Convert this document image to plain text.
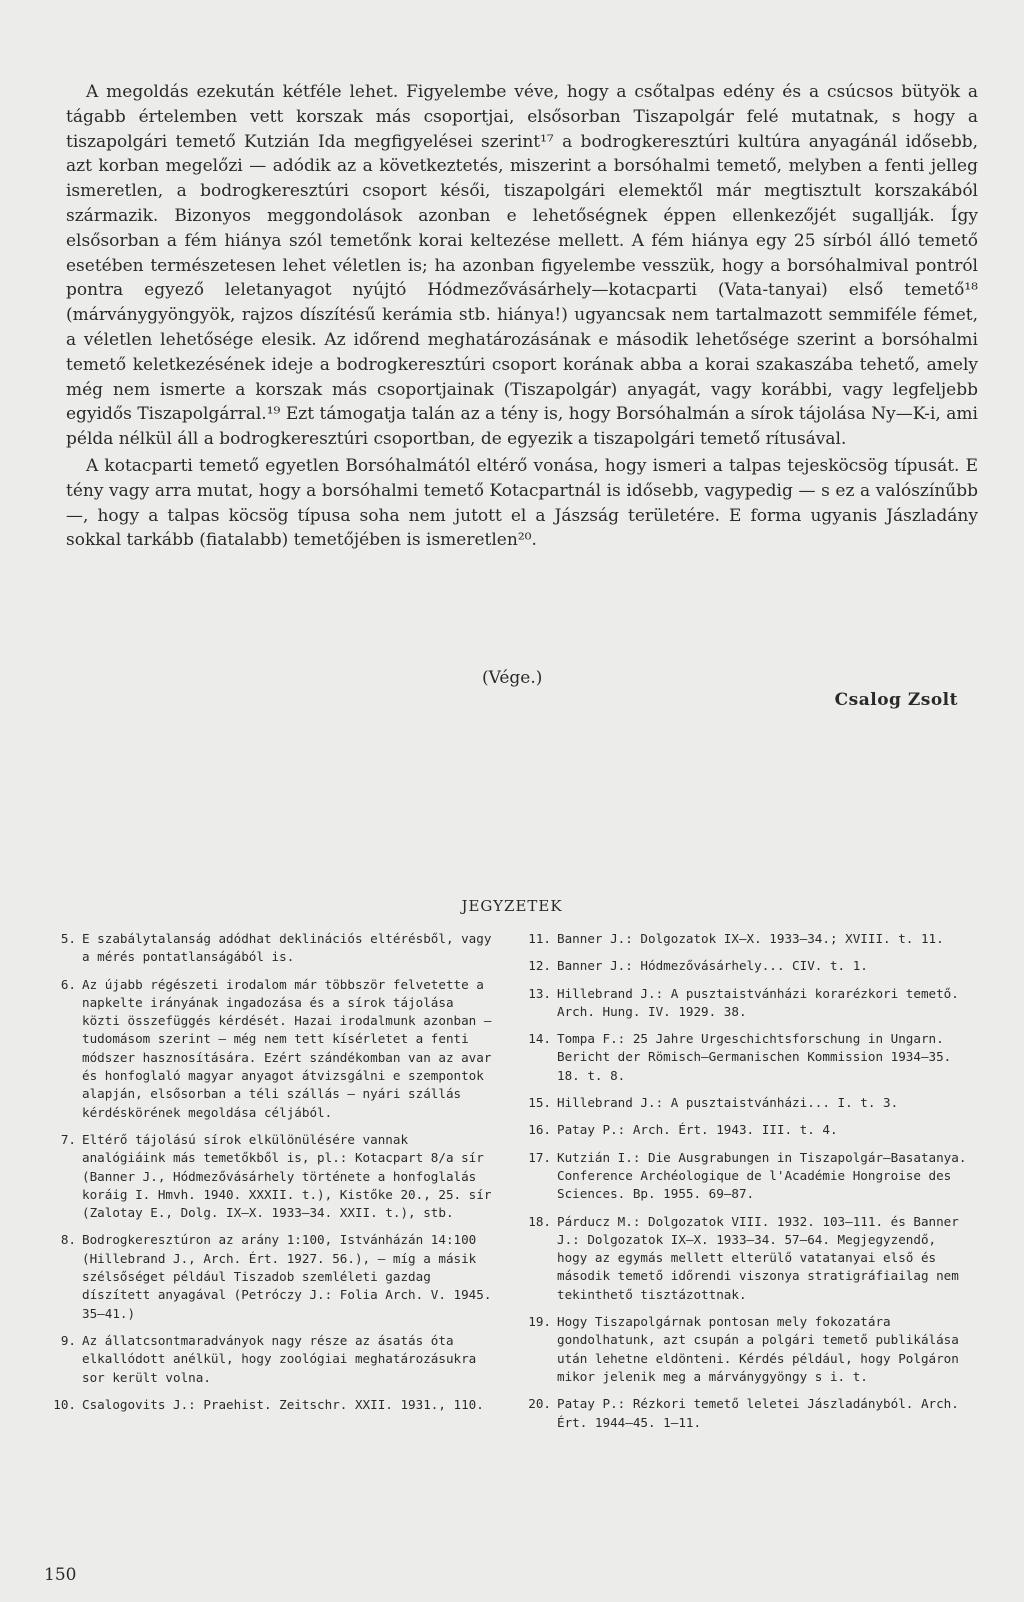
A megoldás ezekután kétféle lehet. Figyelembe véve, hogy a csőtalpas edény és a csúcsos bütyök a tágabb értelemben vett korszak más csoportjai, elsősorban Tiszapolgár felé mutatnak, s hogy a tiszapolgári temető Kutzián Ida megfigyelései szerint¹⁷ a bodrogkeresztúri kultúra anyagánál idősebb, azt korban megelőzi — adódik az a következtetés, miszerint a borsóhalmi temető, melyben a fenti jelleg ismeretlen, a bodrogkeresztúri csoport késői, tiszapolgári elemektől már megtisztult korszakából származik. Bizonyos meggondolások azonban e lehetőségnek éppen ellenkezőjét sugallják. Így elsősorban a fém hiánya szól temetőnk korai keltezése mellett. A fém hiánya egy 25 sírból álló temető esetében természetesen lehet véletlen is; ha azonban figyelembe vesszük, hogy a borsóhalmival pontról pontra egyező leletanyagot nyújtó Hódmezővásárhely—kotacparti (Vata-tanyai) első temető¹⁸ (márványgyöngyök, rajzos díszítésű kerámia stb. hiánya!) ugyancsak nem tartalmazott semmiféle fémet, a véletlen lehetősége elesik. Az időrend meghatározásának e második lehetősége szerint a borsóhalmi temető keletkezésének ideje a bodrogkeresztúri csoport korának abba a korai szakaszába tehető, amely még nem ismerte a korszak más csoportjainak (Tiszapolgár) anyagát, vagy korábbi, vagy legfeljebb egyidős Tiszapolgárral.¹⁹ Ezt támogatja talán az a tény is, hogy Borsóhalmán a sírok tájolása Ny—K-i, ami példa nélkül áll a bodrogkeresztúri csoportban, de egyezik a tiszapolgári temető rítusával.

A kotacparti temető egyetlen Borsóhalmától eltérő vonása, hogy ismeri a talpas tejesköcsög típusát. E tény vagy arra mutat, hogy a borsóhalmi temető Kotacpartnál is idősebb, vagypedig — s ez a valószínűbb —, hogy a talpas köcsög típusa soha nem jutott el a Jászság területére. E forma ugyanis Jászladány sokkal tarkább (fiatalabb) temetőjében is ismeretlen²⁰.

(Vége.)
Csalog Zsolt
JEGYZETEK
5. E szabálytalanság adódhat deklinációs eltérésből, vagy a mérés pontatlanságából is.
6. Az újabb régészeti irodalom már többször felvetette a napkelte irányának ingadozása és a sírok tájolása közti összefüggés kérdését. Hazai irodalmunk azonban — tudomásom szerint — még nem tett kísérletet a fenti módszer hasznosítására. Ezért szándékomban van az avar és honfoglaló magyar anyagot átvizsgálni e szempontok alapján, elsősorban a téli szállás — nyári szállás kérdéskörének megoldása céljából.
7. Eltérő tájolású sírok elkülönülésére vannak analógiáink más temetőkből is, pl.: Kotacpart 8/a sír (Banner J., Hódmezővásárhely története a honfoglalás koráig I. Hmvh. 1940. XXXII. t.), Kistőke 20., 25. sír (Zalotay E., Dolg. IX—X. 1933—34. XXII. t.), stb.
8. Bodrogkeresztúron az arány 1:100, Istvánházán 14:100 (Hillebrand J., Arch. Ért. 1927. 56.), — míg a másik szélsőséget például Tiszadob szemléleti gazdag díszített anyagával (Petróczy J.: Folia Arch. V. 1945. 35—41.)
9. Az állatcsontmaradványok nagy része az ásatás óta elkallódott anélkül, hogy zoológiai meghatározásukra sor került volna.
10. Csalogovits J.: Praehist. Zeitschr. XXII. 1931., 110.
11. Banner J.: Dolgozatok IX—X. 1933—34.; XVIII. t. 11.
12. Banner J.: Hódmezővásárhely... CIV. t. 1.
13. Hillebrand J.: A pusztaistvánházi korarézkori temető. Arch. Hung. IV. 1929. 38.
14. Tompa F.: 25 Jahre Urgeschichtsforschung in Ungarn. Bericht der Römisch—Germanischen Kommission 1934—35. 18. t. 8.
15. Hillebrand J.: A pusztaistvánházi... I. t. 3.
16. Patay P.: Arch. Ért. 1943. III. t. 4.
17. Kutzián I.: Die Ausgrabungen in Tiszapolgár—Basatanya. Conference Archéologique de l'Académie Hongroise des Sciences. Bp. 1955. 69—87.
18. Párducz M.: Dolgozatok VIII. 1932. 103—111. és Banner J.: Dolgozatok IX—X. 1933—34. 57—64. Megjegyzendő, hogy az egymás mellett elterülő vatatanyai első és második temető időrendi viszonya stratigráfiailag nem tekinthető tisztázottnak.
19. Hogy Tiszapolgárnak pontosan mely fokozatára gondolhatunk, azt csupán a polgári temető publikálása után lehetne eldönteni. Kérdés például, hogy Polgáron mikor jelenik meg a márványgyöngy s i. t.
20. Patay P.: Rézkori temető leletei Jászladányból. Arch. Ért. 1944—45. 1—11.
150
